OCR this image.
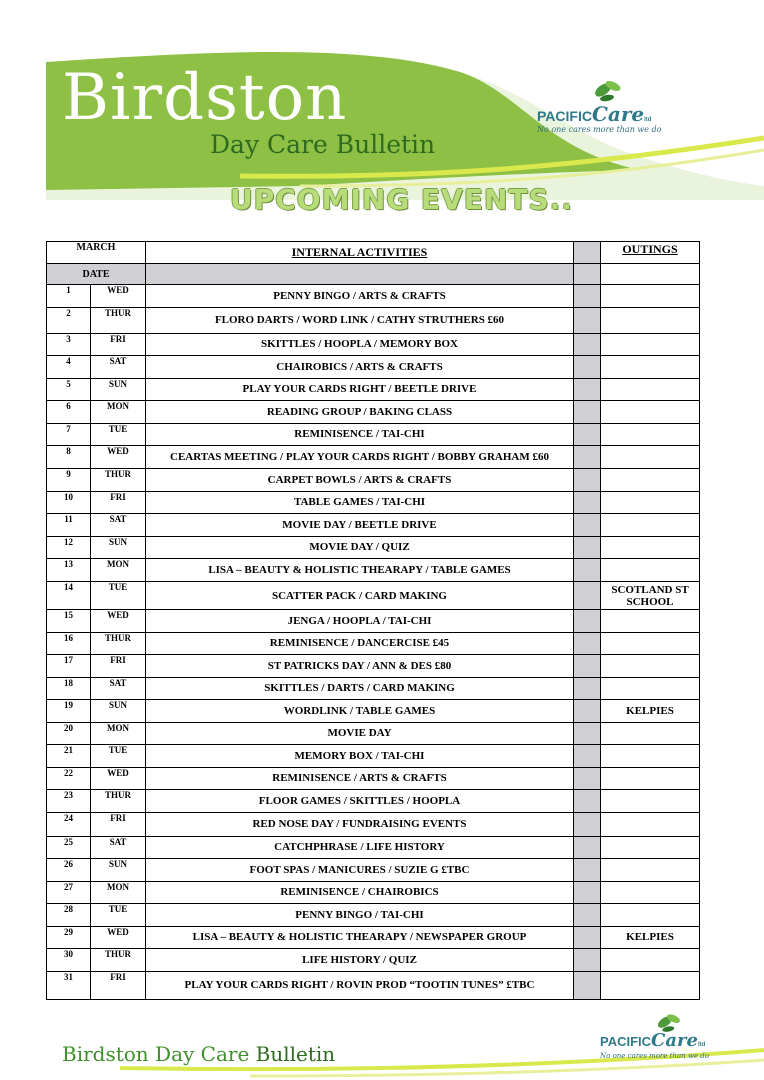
Birdston
Day Care Bulletin
PACIFICCareltd
No one cares more than we do
UPCOMING EVENTS..
MARCH		INTERNAL ACTIVITIES		OUTINGS
DATE				
1	WED	PENNY BINGO / ARTS & CRAFTS		
2	THUR	FLORO DARTS / WORD LINK / CATHY STRUTHERS £60		
3	FRI	SKITTLES / HOOPLA / MEMORY BOX		
4	SAT	CHAIROBICS / ARTS & CRAFTS		
5	SUN	PLAY YOUR CARDS RIGHT / BEETLE DRIVE		
6	MON	READING GROUP / BAKING CLASS		
7	TUE	REMINISENCE / TAI-CHI		
8	WED	CEARTAS MEETING / PLAY YOUR CARDS RIGHT / BOBBY GRAHAM £60		
9	THUR	CARPET BOWLS / ARTS & CRAFTS		
10	FRI	TABLE GAMES / TAI-CHI		
11	SAT	MOVIE DAY / BEETLE DRIVE		
12	SUN	MOVIE DAY / QUIZ		
13	MON	LISA – BEAUTY & HOLISTIC THEARAPY / TABLE GAMES		
14	TUE	SCATTER PACK / CARD MAKING		SCOTLAND ST SCHOOL
15	WED	JENGA / HOOPLA / TAI-CHI		
16	THUR	REMINISENCE / DANCERCISE £45		
17	FRI	ST PATRICKS DAY / ANN & DES £80		
18	SAT	SKITTLES / DARTS / CARD MAKING		
19	SUN	WORDLINK / TABLE GAMES		KELPIES
20	MON	MOVIE DAY		
21	TUE	MEMORY BOX / TAI-CHI		
22	WED	REMINISENCE / ARTS & CRAFTS		
23	THUR	FLOOR GAMES / SKITTLES / HOOPLA		
24	FRI	RED NOSE DAY / FUNDRAISING EVENTS		
25	SAT	CATCHPHRASE / LIFE HISTORY		
26	SUN	FOOT SPAS / MANICURES / SUZIE G £TBC		
27	MON	REMINISENCE / CHAIROBICS		
28	TUE	PENNY BINGO / TAI-CHI		
29	WED	LISA – BEAUTY & HOLISTIC THEARAPY / NEWSPAPER GROUP		KELPIES
30	THUR	LIFE HISTORY / QUIZ		
31	FRI	PLAY YOUR CARDS RIGHT / ROVIN PROD “TOOTIN TUNES” £TBC		
Birdston Day Care Bulletin
PACIFICCareltd
No one cares more than we do
